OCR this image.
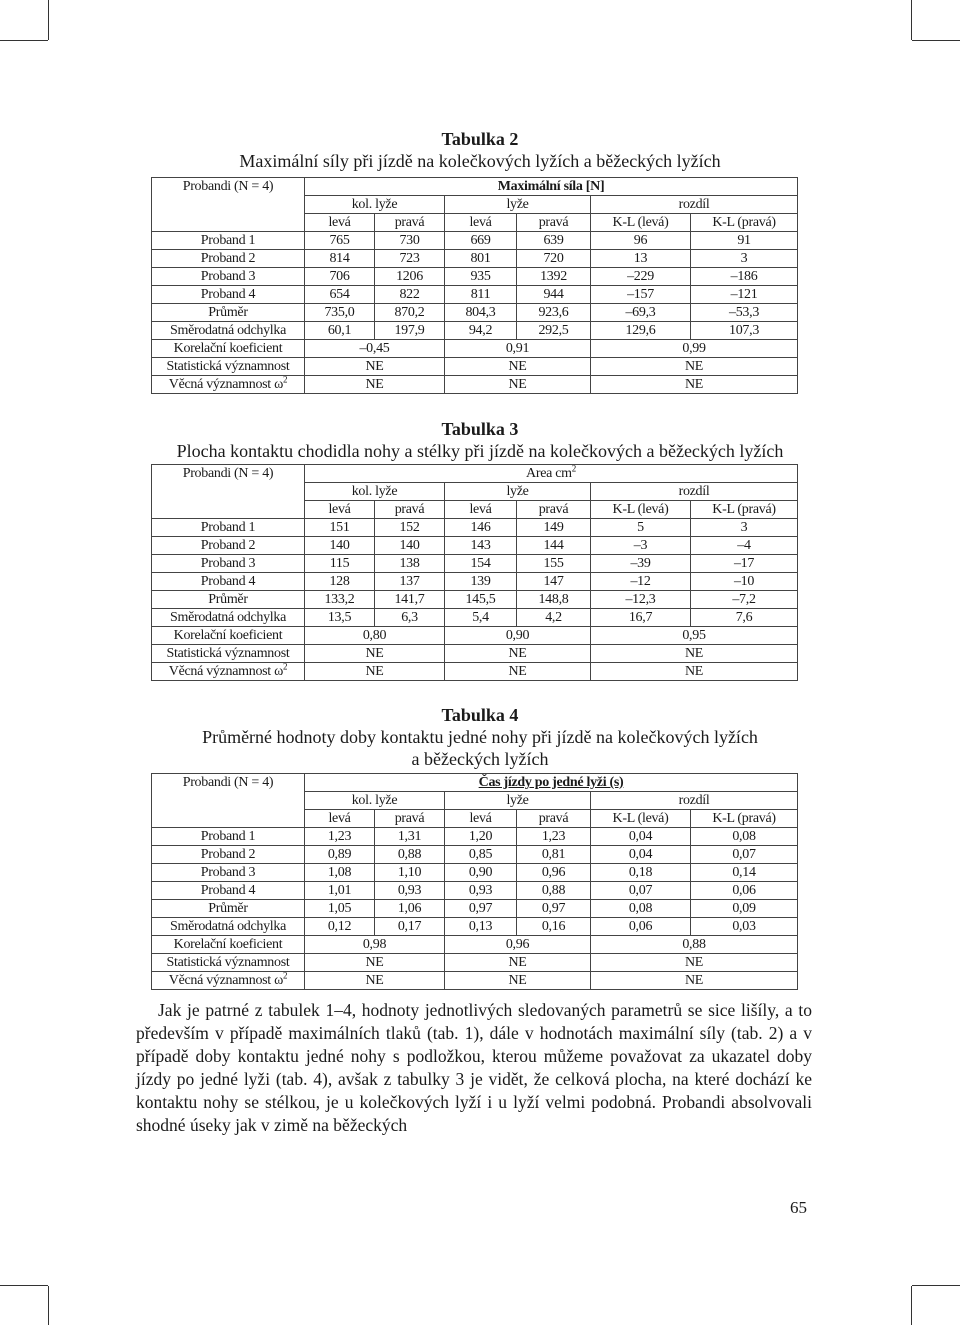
Tabulka 2
Maximální síly při jízdě na kolečkových lyžích a běžeckých lyžích
Probandi (N = 4)	Maximální síla [N]					
	kol. lyže		lyže		rozdíl	
	levá	pravá	levá	pravá	K-L (levá)	K-L (pravá)
Proband 1	765	730	669	639	96	91
Proband 2	814	723	801	720	13	3
Proband 3	706	1206	935	1392	–229	–186
Proband 4	654	822	811	944	–157	–121
Průměr	735,0	870,2	804,3	923,6	–69,3	–53,3
Směrodatná odchylka	60,1	197,9	94,2	292,5	129,6	107,3
Korelační koeficient	–0,45		0,91		0,99	
Statistická významnost	NE		NE		NE	
Věcná významnost $\omega^2$	NE		NE		NE	
Tabulka 3
Plocha kontaktu chodidla nohy a stélky při jízdě na kolečkových a běžeckých lyžích
Probandi (N = 4)	Area $cm^2$
	kol. lyže		lyže		rozdíl	
	levá	pravá	levá	pravá	K-L (levá)	K-L (pravá)
Proband 1	151	152	146	149	5	3
Proband 2	140	140	143	144	–3	–4
Proband 3	115	138	154	155	–39	–17
Proband 4	128	137	139	147	–12	–10
Průměr	133,2	141,7	145,5	148,8	–12,3	–7,2
Směrodatná odchylka	13,5	6,3	5,4	4,2	16,7	7,6
Korelační koeficient	0,80		0,90		0,95	
Statistická významnost	NE		NE		NE	
Věcná významnost $\omega^2$	NE		NE		NE	
Tabulka 4
Průměrné hodnoty doby kontaktu jedné nohy při jízdě na kolečkových lyžích
a běžeckých lyžích
Probandi (N = 4)	Čas jízdy po jedné lyži (s)					
	kol. lyže		lyže		rozdíl	
	levá	pravá	levá	pravá	K-L (levá)	K-L (pravá)
Proband 1	1,23	1,31	1,20	1,23	0,04	0,08
Proband 2	0,89	0,88	0,85	0,81	0,04	0,07
Proband 3	1,08	1,10	0,90	0,96	0,18	0,14
Proband 4	1,01	0,93	0,93	0,88	0,07	0,06
Průměr	1,05	1,06	0,97	0,97	0,08	0,09
Směrodatná odchylka	0,12	0,17	0,13	0,16	0,06	0,03
Korelační koeficient	0,98		0,96		0,88	
Statistická významnost	NE		NE		NE	
Věcná významnost $\omega^2$	NE		NE		NE	
Jak je patrné z tabulek 1–4, hodnoty jednotlivých sledovaných parametrů se sice lišíly, a to především v případě maximálních tlaků (tab. 1), dále v hodnotách maximální síly (tab. 2) a v případě doby kontaktu jedné nohy s podložkou, kterou můžeme považovat za ukazatel doby jízdy po jedné lyži (tab. 4), avšak z tabulky 3 je vidět, že celková plocha, na které dochází ke kontaktu nohy se stélkou, je u kolečkových lyží i u lyží velmi podobná. Probandi absolvovali shodné úseky jak v zimě na běžeckých
65
